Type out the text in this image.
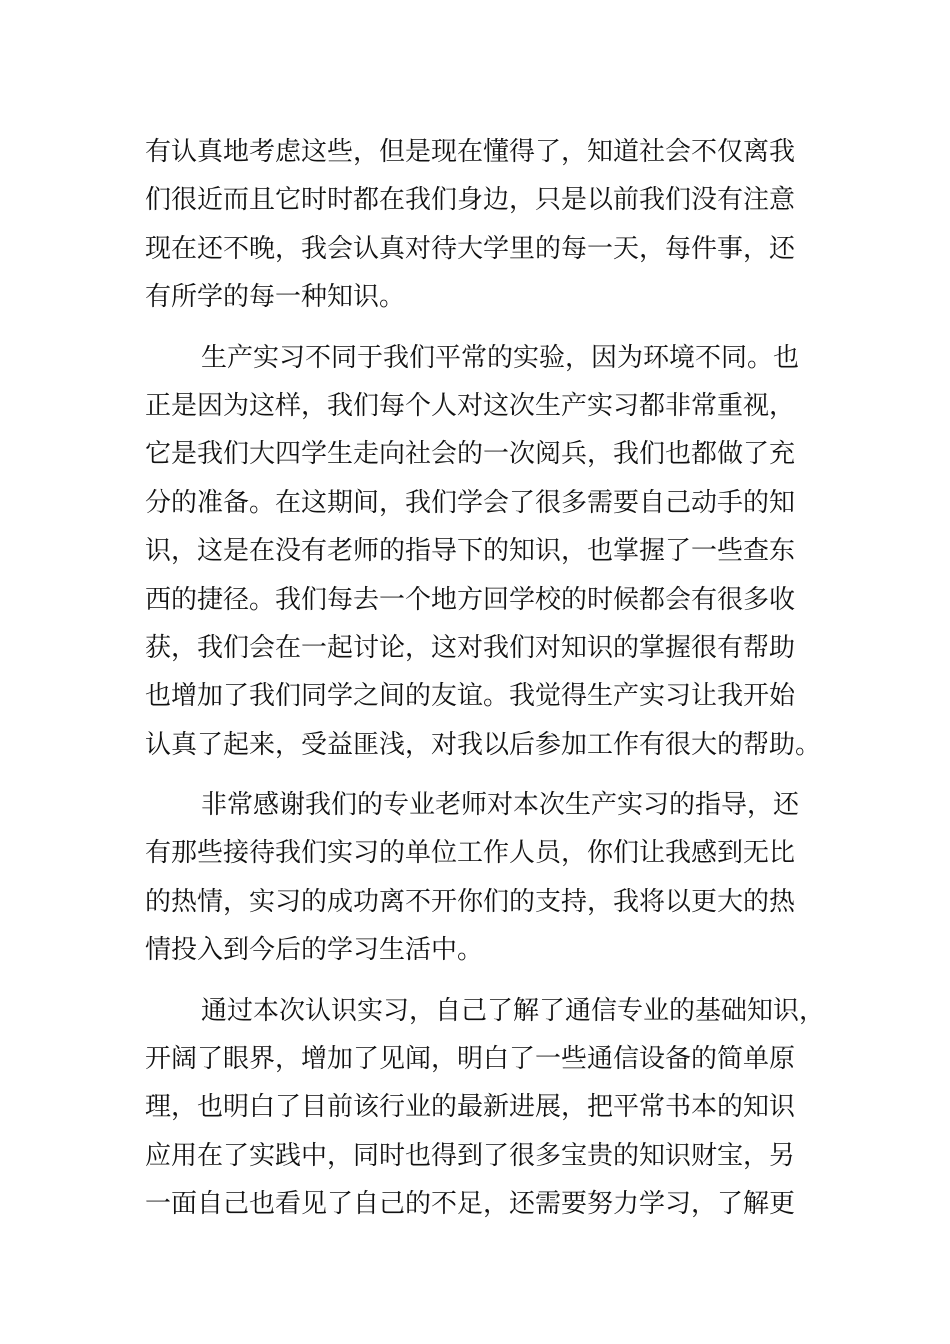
有认真地考虑这些，但是现在懂得了，知道社会不仅离我
们很近而且它时时都在我们身边，只是以前我们没有注意
现在还不晚，我会认真对待大学里的每一天，每件事，还
有所学的每一种知识。
生产实习不同于我们平常的实验，因为环境不同。也
正是因为这样，我们每个人对这次生产实习都非常重视，
它是我们大四学生走向社会的一次阅兵，我们也都做了充
分的准备。在这期间，我们学会了很多需要自己动手的知
识，这是在没有老师的指导下的知识，也掌握了一些查东
西的捷径。我们每去一个地方回学校的时候都会有很多收
获，我们会在一起讨论，这对我们对知识的掌握很有帮助
也增加了我们同学之间的友谊。我觉得生产实习让我开始
认真了起来，受益匪浅，对我以后参加工作有很大的帮助。
非常感谢我们的专业老师对本次生产实习的指导，还
有那些接待我们实习的单位工作人员，你们让我感到无比
的热情，实习的成功离不开你们的支持，我将以更大的热
情投入到今后的学习生活中。
通过本次认识实习，自己了解了通信专业的基础知识，
开阔了眼界，增加了见闻，明白了一些通信设备的简单原
理，也明白了目前该行业的最新进展，把平常书本的知识
应用在了实践中，同时也得到了很多宝贵的知识财宝，另
一面自己也看见了自己的不足，还需要努力学习，了解更
